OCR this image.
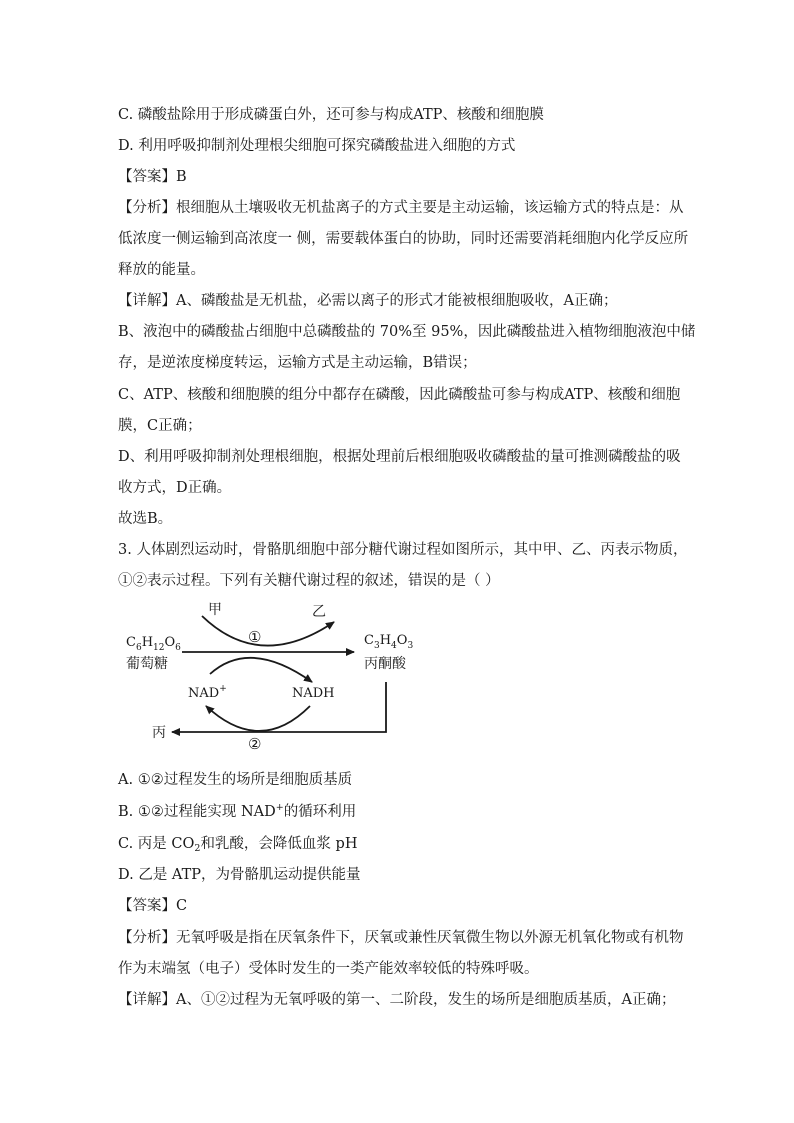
C. 磷酸盐除用于形成磷蛋白外，还可参与构成ATP、核酸和细胞膜
D. 利用呼吸抑制剂处理根尖细胞可探究磷酸盐进入细胞的方式
【答案】B
【分析】根细胞从土壤吸收无机盐离子的方式主要是主动运输，该运输方式的特点是：从
低浓度一侧运输到高浓度一 侧，需要载体蛋白的协助，同时还需要消耗细胞内化学反应所
释放的能量。
【详解】A、磷酸盐是无机盐，必需以离子的形式才能被根细胞吸收，A正确；
B、液泡中的磷酸盐占细胞中总磷酸盐的 70%至 95%，因此磷酸盐进入植物细胞液泡中储
存，是逆浓度梯度转运，运输方式是主动运输，B错误；
C、ATP、核酸和细胞膜的组分中都存在磷酸，因此磷酸盐可参与构成ATP、核酸和细胞
膜，C正确；
D、利用呼吸抑制剂处理根细胞，根据处理前后根细胞吸收磷酸盐的量可推测磷酸盐的吸
收方式，D正确。
故选B。
3. 人体剧烈运动时，骨骼肌细胞中部分糖代谢过程如图所示，其中甲、乙、丙表示物质，
①②表示过程。下列有关糖代谢过程的叙述，错误的是（ ）
甲	乙
①
$C_6H_{12}O_6$
葡萄糖
$C_3H_4O_3$
丙酮酸
NAD+	NADH
丙
②
A. ①②过程发生的场所是细胞质基质
B. ①②过程能实现 NAD+的循环利用
C. 丙是 $CO_2$和乳酸，会降低血浆 pH
D. 乙是 ATP，为骨骼肌运动提供能量
【答案】C
【分析】无氧呼吸是指在厌氧条件下，厌氧或兼性厌氧微生物以外源无机氧化物或有机物
作为末端氢（电子）受体时发生的一类产能效率较低的特殊呼吸。
【详解】A、①②过程为无氧呼吸的第一、二阶段，发生的场所是细胞质基质，A正确；
